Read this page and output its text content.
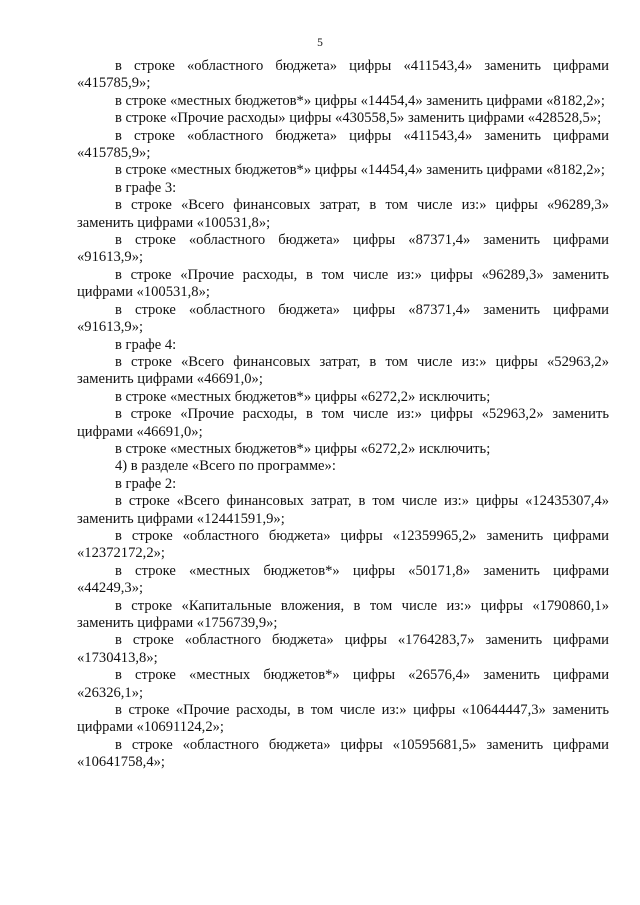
5

в строке «областного бюджета» цифры «411543,4» заменить цифрами «415785,9»;

в строке «местных бюджетов*» цифры «14454,4» заменить цифрами «8182,2»;

в строке «Прочие расходы» цифры «430558,5» заменить цифрами «428528,5»;

в строке «областного бюджета» цифры «411543,4» заменить цифрами «415785,9»;

в строке «местных бюджетов*» цифры «14454,4» заменить цифрами «8182,2»;

в графе 3:

в строке «Всего финансовых затрат, в том числе из:» цифры «96289,3» заменить цифрами «100531,8»;

в строке «областного бюджета» цифры «87371,4» заменить цифрами «91613,9»;

в строке «Прочие расходы, в том числе из:» цифры «96289,3» заменить цифрами «100531,8»;

в строке «областного бюджета» цифры «87371,4» заменить цифрами «91613,9»;

в графе 4:

в строке «Всего финансовых затрат, в том числе из:» цифры «52963,2» заменить цифрами «46691,0»;

в строке «местных бюджетов*» цифры «6272,2» исключить;

в строке «Прочие расходы, в том числе из:» цифры «52963,2» заменить цифрами «46691,0»;

в строке «местных бюджетов*» цифры «6272,2» исключить;

4) в разделе «Всего по программе»:

в графе 2:

в строке «Всего финансовых затрат, в том числе из:» цифры «12435307,4» заменить цифрами «12441591,9»;

в строке «областного бюджета» цифры «12359965,2» заменить цифрами «12372172,2»;

в строке «местных бюджетов*» цифры «50171,8» заменить цифрами «44249,3»;

в строке «Капитальные вложения, в том числе из:» цифры «1790860,1» заменить цифрами «1756739,9»;

в строке «областного бюджета» цифры «1764283,7» заменить цифрами «1730413,8»;

в строке «местных бюджетов*» цифры «26576,4» заменить цифрами «26326,1»;

в строке «Прочие расходы, в том числе из:» цифры «10644447,3» заменить цифрами «10691124,2»;

в строке «областного бюджета» цифры «10595681,5» заменить цифрами «10641758,4»;
